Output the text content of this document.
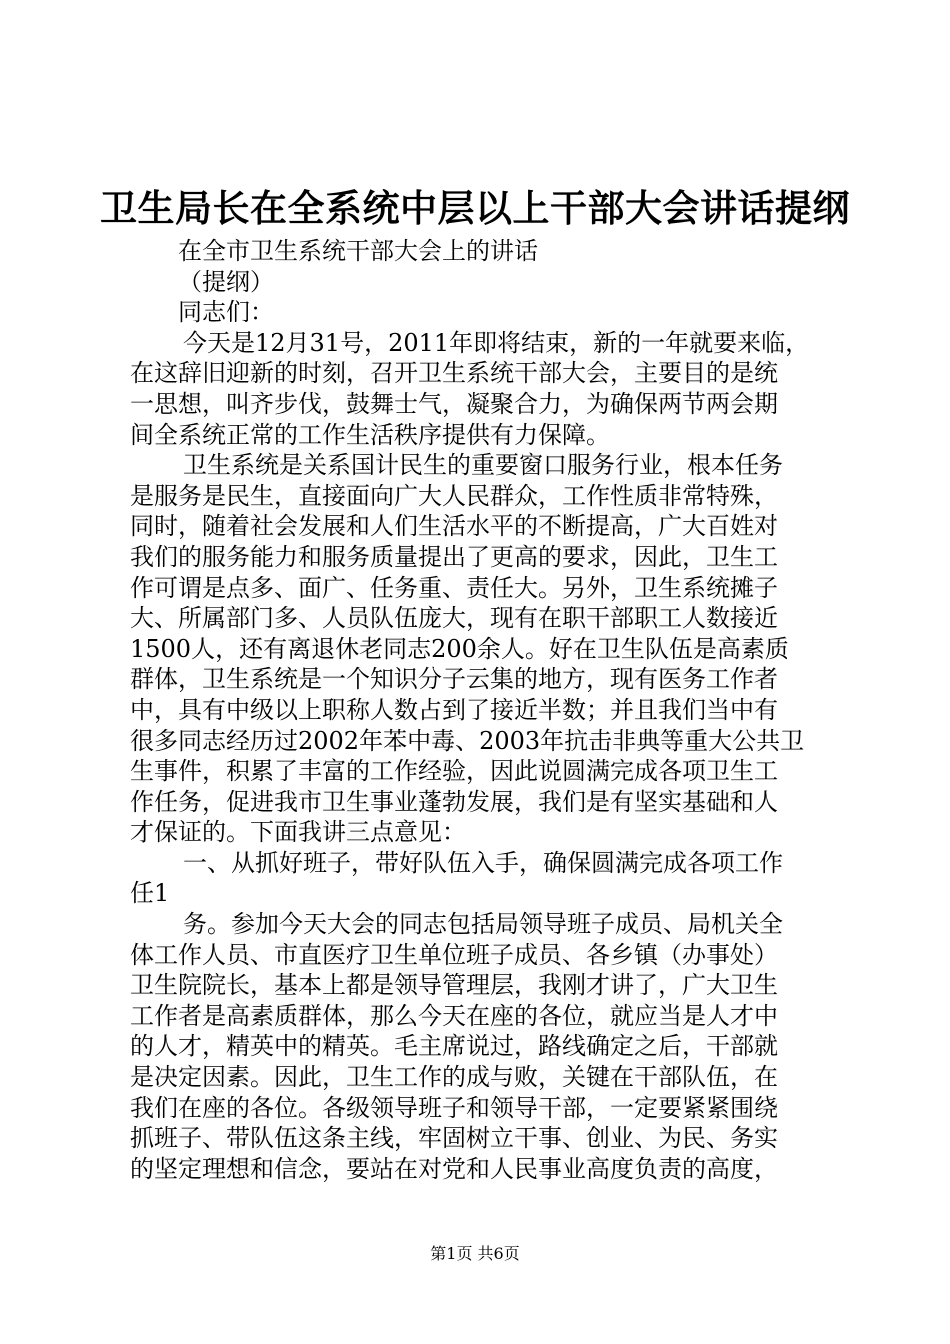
卫生局长在全系统中层以上干部大会讲话提纲
在全市卫生系统干部大会上的讲话
（提纲）
同志们：
今天是12月31号，2011年即将结束，新的一年就要来临，
在这辞旧迎新的时刻，召开卫生系统干部大会，主要目的是统
一思想，叫齐步伐，鼓舞士气，凝聚合力，为确保两节两会期
间全系统正常的工作生活秩序提供有力保障。
卫生系统是关系国计民生的重要窗口服务行业，根本任务
是服务是民生，直接面向广大人民群众，工作性质非常特殊，
同时，随着社会发展和人们生活水平的不断提高，广大百姓对
我们的服务能力和服务质量提出了更高的要求，因此，卫生工
作可谓是点多、面广、任务重、责任大。另外，卫生系统摊子
大、所属部门多、人员队伍庞大，现有在职干部职工人数接近
1500人，还有离退休老同志200余人。好在卫生队伍是高素质
群体，卫生系统是一个知识分子云集的地方，现有医务工作者
中，具有中级以上职称人数占到了接近半数；并且我们当中有
很多同志经历过2002年苯中毒、2003年抗击非典等重大公共卫
生事件，积累了丰富的工作经验，因此说圆满完成各项卫生工
作任务，促进我市卫生事业蓬勃发展，我们是有坚实基础和人
才保证的。下面我讲三点意见：
一、从抓好班子，带好队伍入手，确保圆满完成各项工作
任1
务。参加今天大会的同志包括局领导班子成员、局机关全
体工作人员、市直医疗卫生单位班子成员、各乡镇（办事处）
卫生院院长，基本上都是领导管理层，我刚才讲了，广大卫生
工作者是高素质群体，那么今天在座的各位，就应当是人才中
的人才，精英中的精英。毛主席说过，路线确定之后，干部就
是决定因素。因此，卫生工作的成与败，关键在干部队伍，在
我们在座的各位。各级领导班子和领导干部，一定要紧紧围绕
抓班子、带队伍这条主线，牢固树立干事、创业、为民、务实
的坚定理想和信念，要站在对党和人民事业高度负责的高度，
第1页 共6页
